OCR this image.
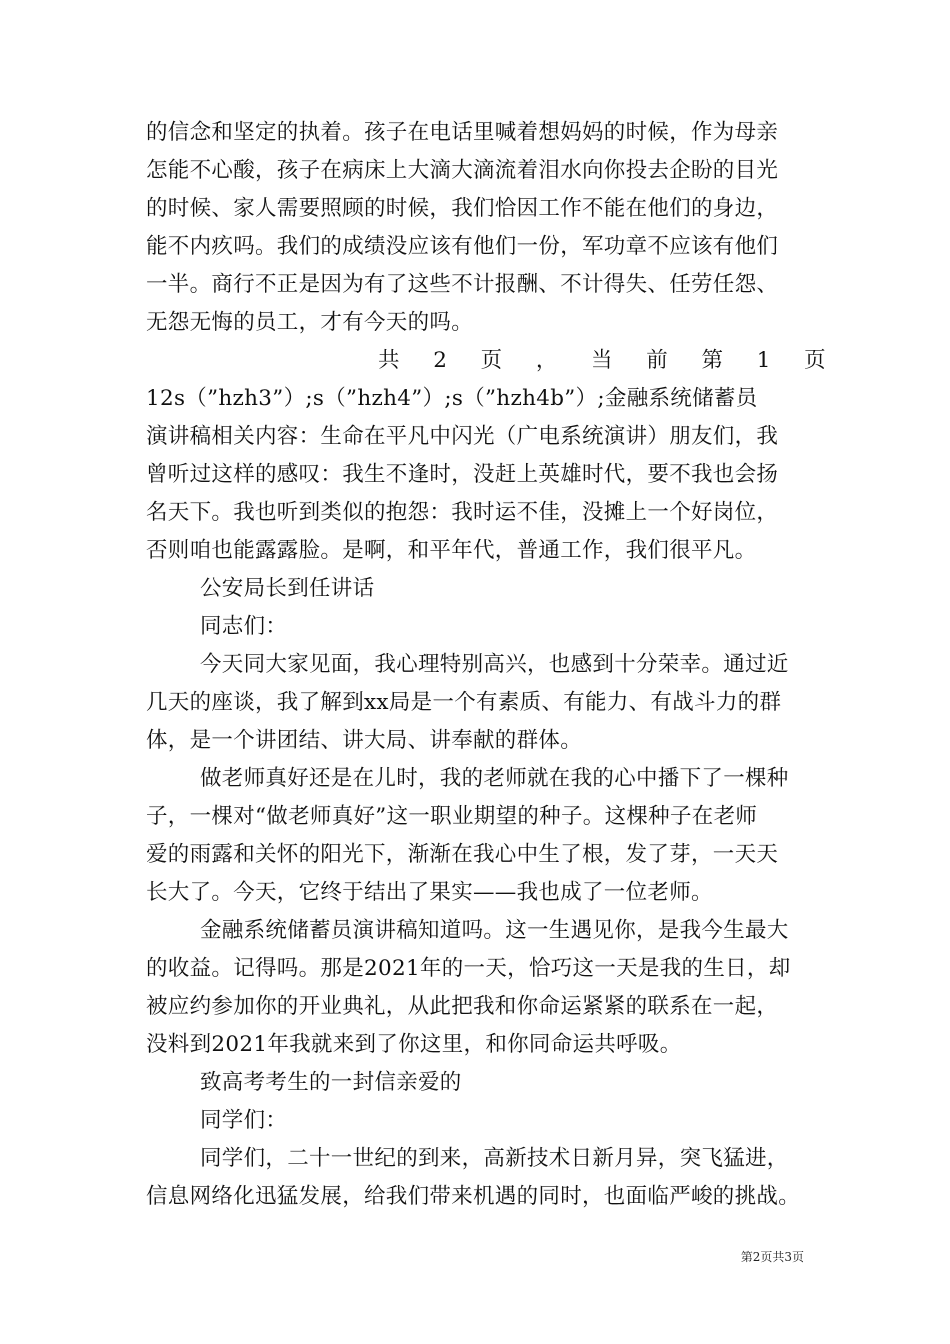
的信念和坚定的执着。孩子在电话里喊着想妈妈的时候，作为母亲
怎能不心酸，孩子在病床上大滴大滴流着泪水向你投去企盼的目光
的时候、家人需要照顾的时候，我们恰因工作不能在他们的身边，
能不内疚吗。我们的成绩没应该有他们一份，军功章不应该有他们
一半。商行不正是因为有了这些不计报酬、不计得失、任劳任怨、
无怨无悔的员工，才有今天的吗。
共 2 页 ， 当 前 第 1 页
12s（”hzh3”）;s（”hzh4”）;s（”hzh4b”）;金融系统储蓄员
演讲稿相关内容：生命在平凡中闪光（广电系统演讲）朋友们，我
曾听过这样的感叹：我生不逢时，没赶上英雄时代，要不我也会扬
名天下。我也听到类似的抱怨：我时运不佳，没摊上一个好岗位，
否则咱也能露露脸。是啊，和平年代，普通工作，我们很平凡。
公安局长到任讲话
同志们：
今天同大家见面，我心理特别高兴，也感到十分荣幸。通过近
几天的座谈，我了解到xx局是一个有素质、有能力、有战斗力的群
体，是一个讲团结、讲大局、讲奉献的群体。
做老师真好还是在儿时，我的老师就在我的心中播下了一棵种
子，一棵对“做老师真好”这一职业期望的种子。这棵种子在老师
爱的雨露和关怀的阳光下，渐渐在我心中生了根，发了芽，一天天
长大了。今天，它终于结出了果实——我也成了一位老师。
金融系统储蓄员演讲稿知道吗。这一生遇见你，是我今生最大
的收益。记得吗。那是2021年的一天，恰巧这一天是我的生日，却
被应约参加你的开业典礼，从此把我和你命运紧紧的联系在一起，
没料到2021年我就来到了你这里，和你同命运共呼吸。
致高考考生的一封信亲爱的
同学们：
同学们，二十一世纪的到来，高新技术日新月异，突飞猛进，
信息网络化迅猛发展，给我们带来机遇的同时，也面临严峻的挑战。
第2页共3页
